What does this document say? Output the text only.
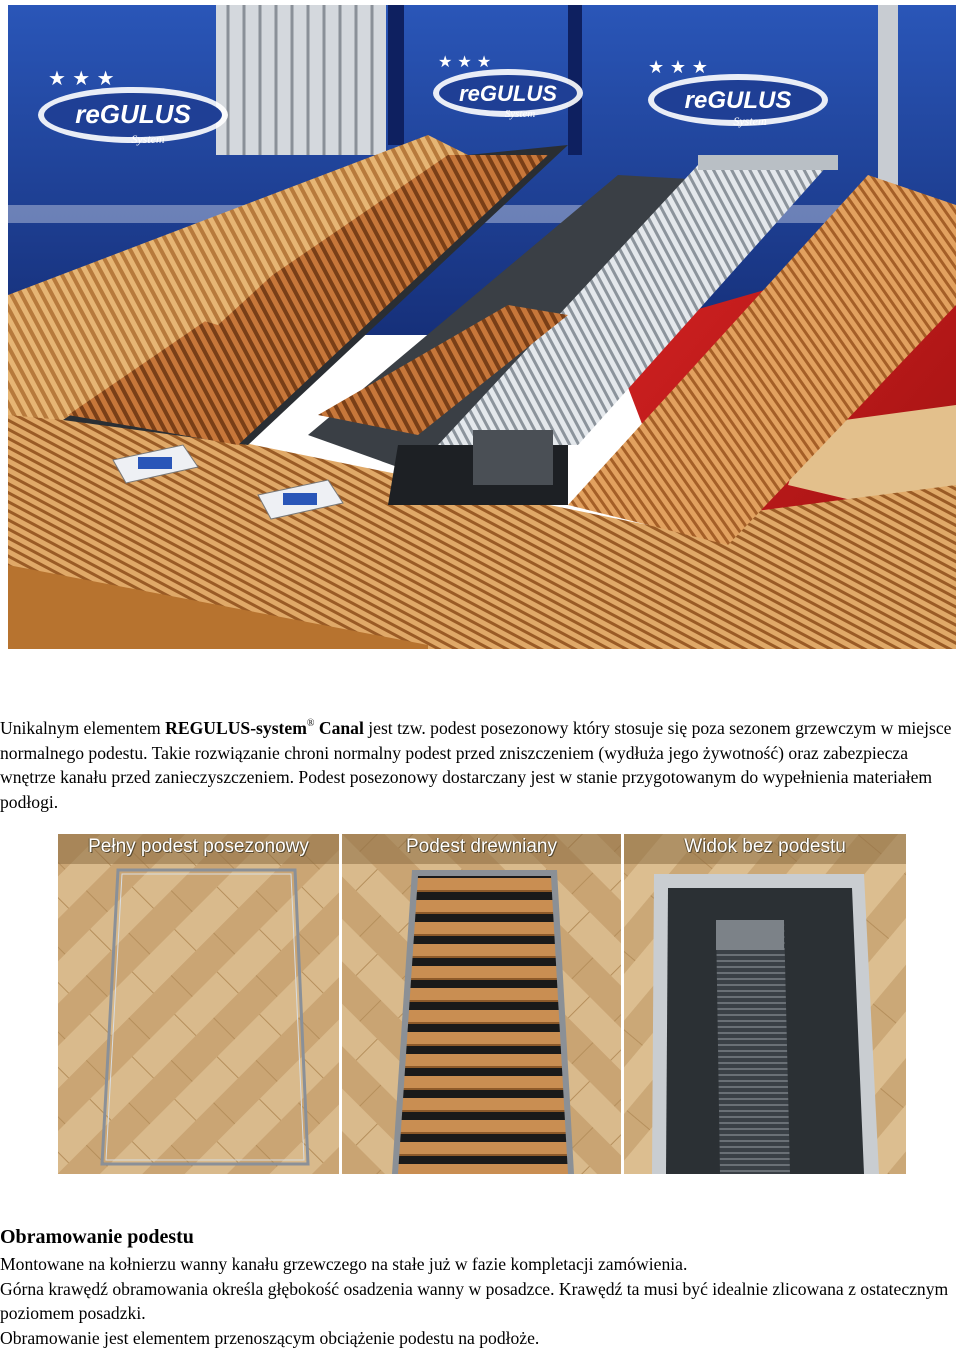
reGULUS
System
★ ★ ★
reGULUS
System
★ ★ ★
reGULUS
System
★ ★ ★
Unikalnym elementem REGULUS-system® Canal jest tzw. podest posezonowy który stosuje się poza sezonem grzewczym w miejsce normalnego podestu. Takie rozwiązanie chroni normalny podest przed zniszczeniem (wydłuża jego żywotność) oraz zabezpiecza wnętrze kanału przed zanieczyszczeniem. Podest posezonowy dostarczany jest w stanie przygotowanym do wypełnienia materiałem podłogi.
Pełny podest posezonowy	Podest drewniany	Widok bez podestu
Obramowanie podestu

Montowane na kołnierzu wanny kanału grzewczego na stałe już w fazie kompletacji zamówienia.

Górna krawędź obramowania określa głębokość osadzenia wanny w posadzce. Krawędź ta musi być idealnie zlicowana z ostatecznym poziomem posadzki.

Obramowanie jest elementem przenoszącym obciążenie podestu na podłoże.
